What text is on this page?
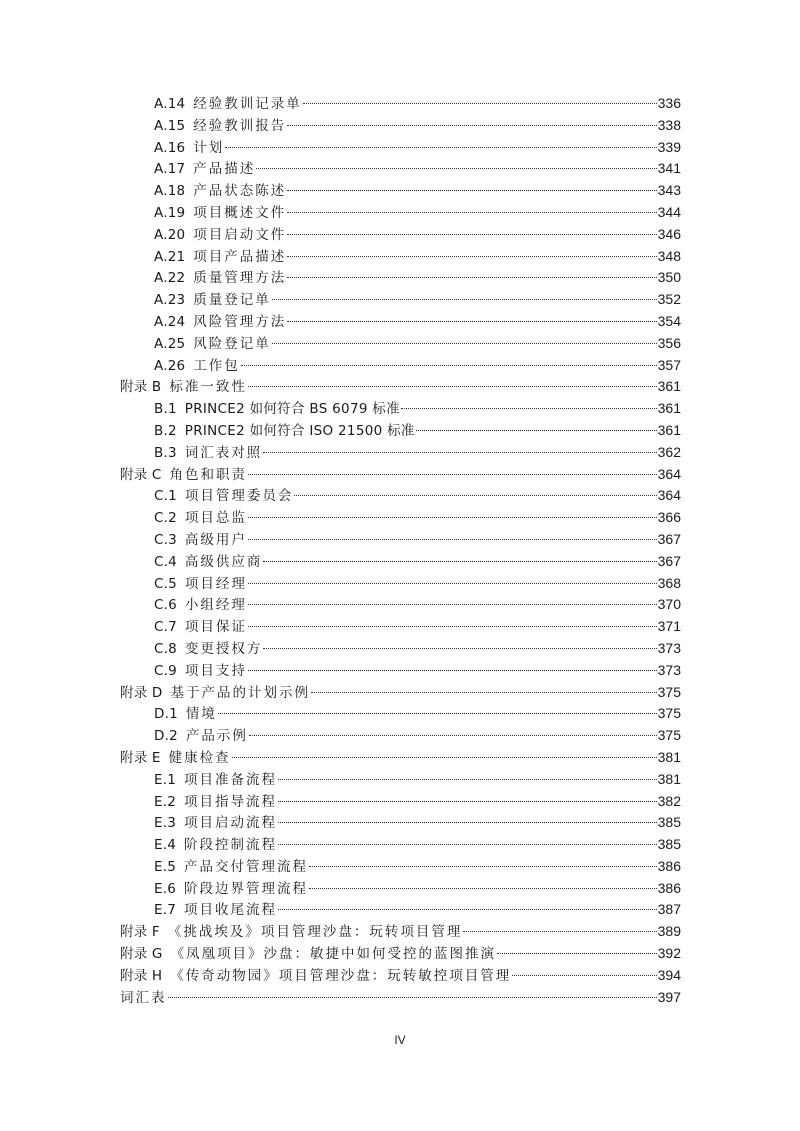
A.14 经验教训记录单	336
A.15 经验教训报告	338
A.16 计划	339
A.17 产品描述	341
A.18 产品状态陈述	343
A.19 项目概述文件	344
A.20 项目启动文件	346
A.21 项目产品描述	348
A.22 质量管理方法	350
A.23 质量登记单	352
A.24 风险管理方法	354
A.25 风险登记单	356
A.26 工作包	357
附录 B 标准一致性	361
B.1 PRINCE2 如何符合 BS 6079 标准	361
B.2 PRINCE2 如何符合 ISO 21500 标准	361
B.3 词汇表对照	362
附录 C 角色和职责	364
C.1 项目管理委员会	364
C.2 项目总监	366
C.3 高级用户	367
C.4 高级供应商	367
C.5 项目经理	368
C.6 小组经理	370
C.7 项目保证	371
C.8 变更授权方	373
C.9 项目支持	373
附录 D 基于产品的计划示例	375
D.1 情境	375
D.2 产品示例	375
附录 E 健康检查	381
E.1 项目准备流程	381
E.2 项目指导流程	382
E.3 项目启动流程	385
E.4 阶段控制流程	385
E.5 产品交付管理流程	386
E.6 阶段边界管理流程	386
E.7 项目收尾流程	387
附录 F 《挑战埃及》项目管理沙盘：玩转项目管理	389
附录 G 《凤凰项目》沙盘：敏捷中如何受控的蓝图推演	392
附录 H 《传奇动物园》项目管理沙盘：玩转敏控项目管理	394
词汇表	397
IV
